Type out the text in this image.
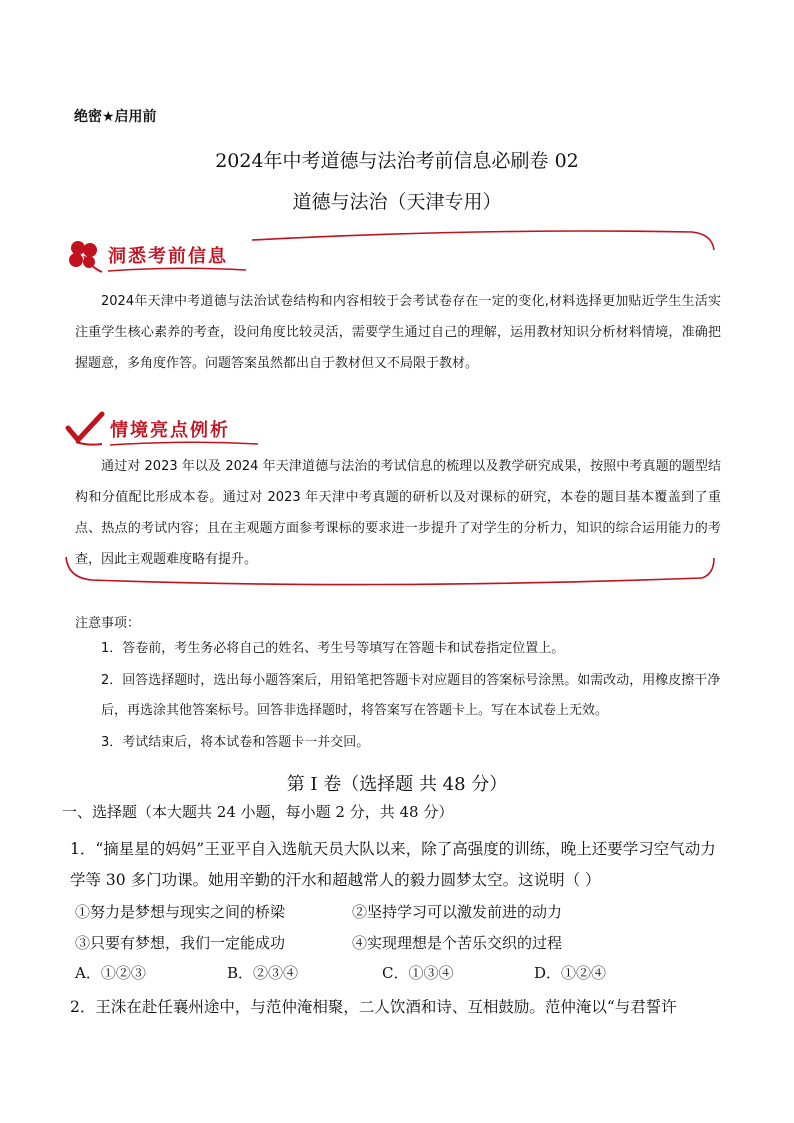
绝密★启用前
2024年中考道德与法治考前信息必刷卷 02
道德与法治（天津专用）
洞悉考前信息
2024年天津中考道德与法治试卷结构和内容相较于会考试卷存在一定的变化,材料选择更加贴近学生生活实注重学生核心素养的考查，设问角度比较灵活，需要学生通过自己的理解，运用教材知识分析材料情境，准确把握题意，多角度作答。问题答案虽然都出自于教材但又不局限于教材。
情境亮点例析
通过对 2023 年以及 2024 年天津道德与法治的考试信息的梳理以及教学研究成果，按照中考真题的题型结构和分值配比形成本卷。通过对 2023 年天津中考真题的研析以及对课标的研究，本卷的题目基本覆盖到了重点、热点的考试内容；且在主观题方面参考课标的要求进一步提升了对学生的分析力，知识的综合运用能力的考查，因此主观题难度略有提升。
注意事项：
1．答卷前，考生务必将自己的姓名、考生号等填写在答题卡和试卷指定位置上。
2．回答选择题时，选出每小题答案后，用铅笔把答题卡对应题目的答案标号涂黑。如需改动，用橡皮擦干净后，再选涂其他答案标号。回答非选择题时，将答案写在答题卡上。写在本试卷上无效。
3．考试结束后，将本试卷和答题卡一并交回。
第 I 卷（选择题 共 48 分）
一、选择题（本大题共 24 小题，每小题 2 分，共 48 分）
1．“摘星星的妈妈”王亚平自入选航天员大队以来，除了高强度的训练，晚上还要学习空气动力学等 30 多门功课。她用辛勤的汗水和超越常人的毅力圆梦太空。这说明（ ）
①努力是梦想与现实之间的桥梁	②坚持学习可以激发前进的动力
③只要有梦想，我们一定能成功	④实现理想是个苦乐交织的过程
A．①②③	B．②③④	C．①③④	D．①②④
2．王洙在赴任襄州途中，与范仲淹相聚，二人饮酒和诗、互相鼓励。范仲淹以“与君誓许
